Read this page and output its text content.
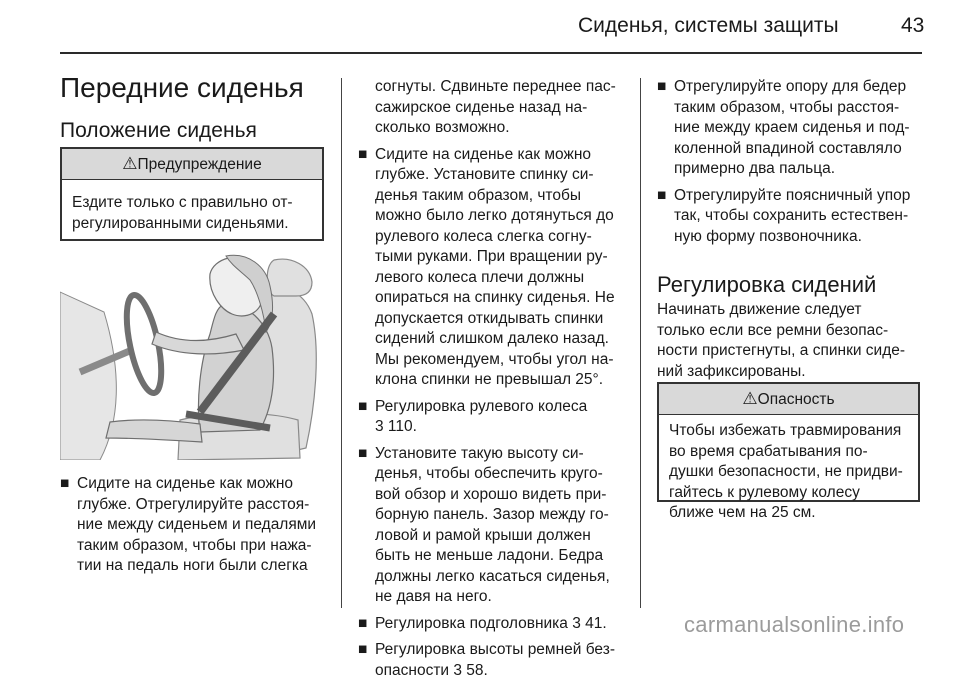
Сиденья, системы защиты	43
Передние сиденья
Положение сиденья
⚠Предупреждение
Ездите только с правильно от-
регулированными сиденьями.
■ Сидите на сиденье как можно
глубже. Отрегулируйте расстоя-
ние между сиденьем и педалями
таким образом, чтобы при нажа-
тии на педаль ноги были слегка
согнуты. Сдвиньте переднее пас-
сажирское сиденье назад на-
сколько возможно.
■ Сидите на сиденье как можно
глубже. Установите спинку си-
денья таким образом, чтобы
можно было легко дотянуться до
рулевого колеса слегка согну-
тыми руками. При вращении ру-
левого колеса плечи должны
опираться на спинку сиденья. Не
допускается откидывать спинки
сидений слишком далеко назад.
Мы рекомендуем, чтобы угол на-
клона спинки не превышал 25°.
■ Регулировка рулевого колеса
3 110.
■ Установите такую высоту си-
денья, чтобы обеспечить круго-
вой обзор и хорошо видеть при-
борную панель. Зазор между го-
ловой и рамой крыши должен
быть не меньше ладони. Бедра
должны легко касаться сиденья,
не давя на него.
■ Регулировка подголовника 3 41.
■ Регулировка высоты ремней без-
опасности 3 58.
■ Отрегулируйте опору для бедер
таким образом, чтобы расстоя-
ние между краем сиденья и под-
коленной впадиной составляло
примерно два пальца.
■ Отрегулируйте поясничный упор
так, чтобы сохранить естествен-
ную форму позвоночника.
Регулировка сидений

Начинать движение следует

только если все ремни безопас-

ности пристегнуты, а спинки сиде-

ний зафиксированы.

⚠Опасность
Чтобы избежать травмирования
во время срабатывания по-
душки безопасности, не придви-
гайтесь к рулевому колесу
ближе чем на 25 см.
carmanualsonline.info
